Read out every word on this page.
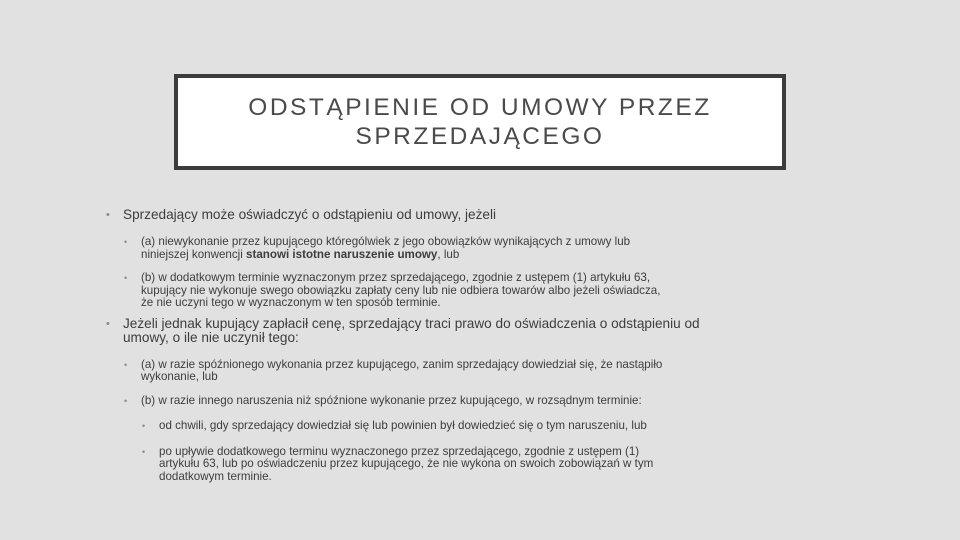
ODSTĄPIENIE OD UMOWY PRZEZ
SPRZEDAJĄCEGO
• Sprzedający może oświadczyć o odstąpieniu od umowy, jeżeli
• (a) niewykonanie przez kupującego którególwiek z jego obowiązków wynikających z umowy lub
niniejszej konwencji stanowi istotne naruszenie umowy, lub
• (b) w dodatkowym terminie wyznaczonym przez sprzedającego, zgodnie z ustępem (1) artykułu 63,
kupujący nie wykonuje swego obowiązku zapłaty ceny lub nie odbiera towarów albo jeżeli oświadcza,
że nie uczyni tego w wyznaczonym w ten sposób terminie.
• Jeżeli jednak kupujący zapłacił cenę, sprzedający traci prawo do oświadczenia o odstąpieniu od
umowy, o ile nie uczynił tego:
• (a) w razie spóźnionego wykonania przez kupującego, zanim sprzedający dowiedział się, że nastąpiło
wykonanie, lub
• (b) w razie innego naruszenia niż spóźnione wykonanie przez kupującego, w rozsądnym terminie:
• od chwili, gdy sprzedający dowiedział się lub powinien był dowiedzieć się o tym naruszeniu, lub
• po upływie dodatkowego terminu wyznaczonego przez sprzedającego, zgodnie z ustępem (1)
artykułu 63, lub po oświadczeniu przez kupującego, że nie wykona on swoich zobowiązań w tym
dodatkowym terminie.
